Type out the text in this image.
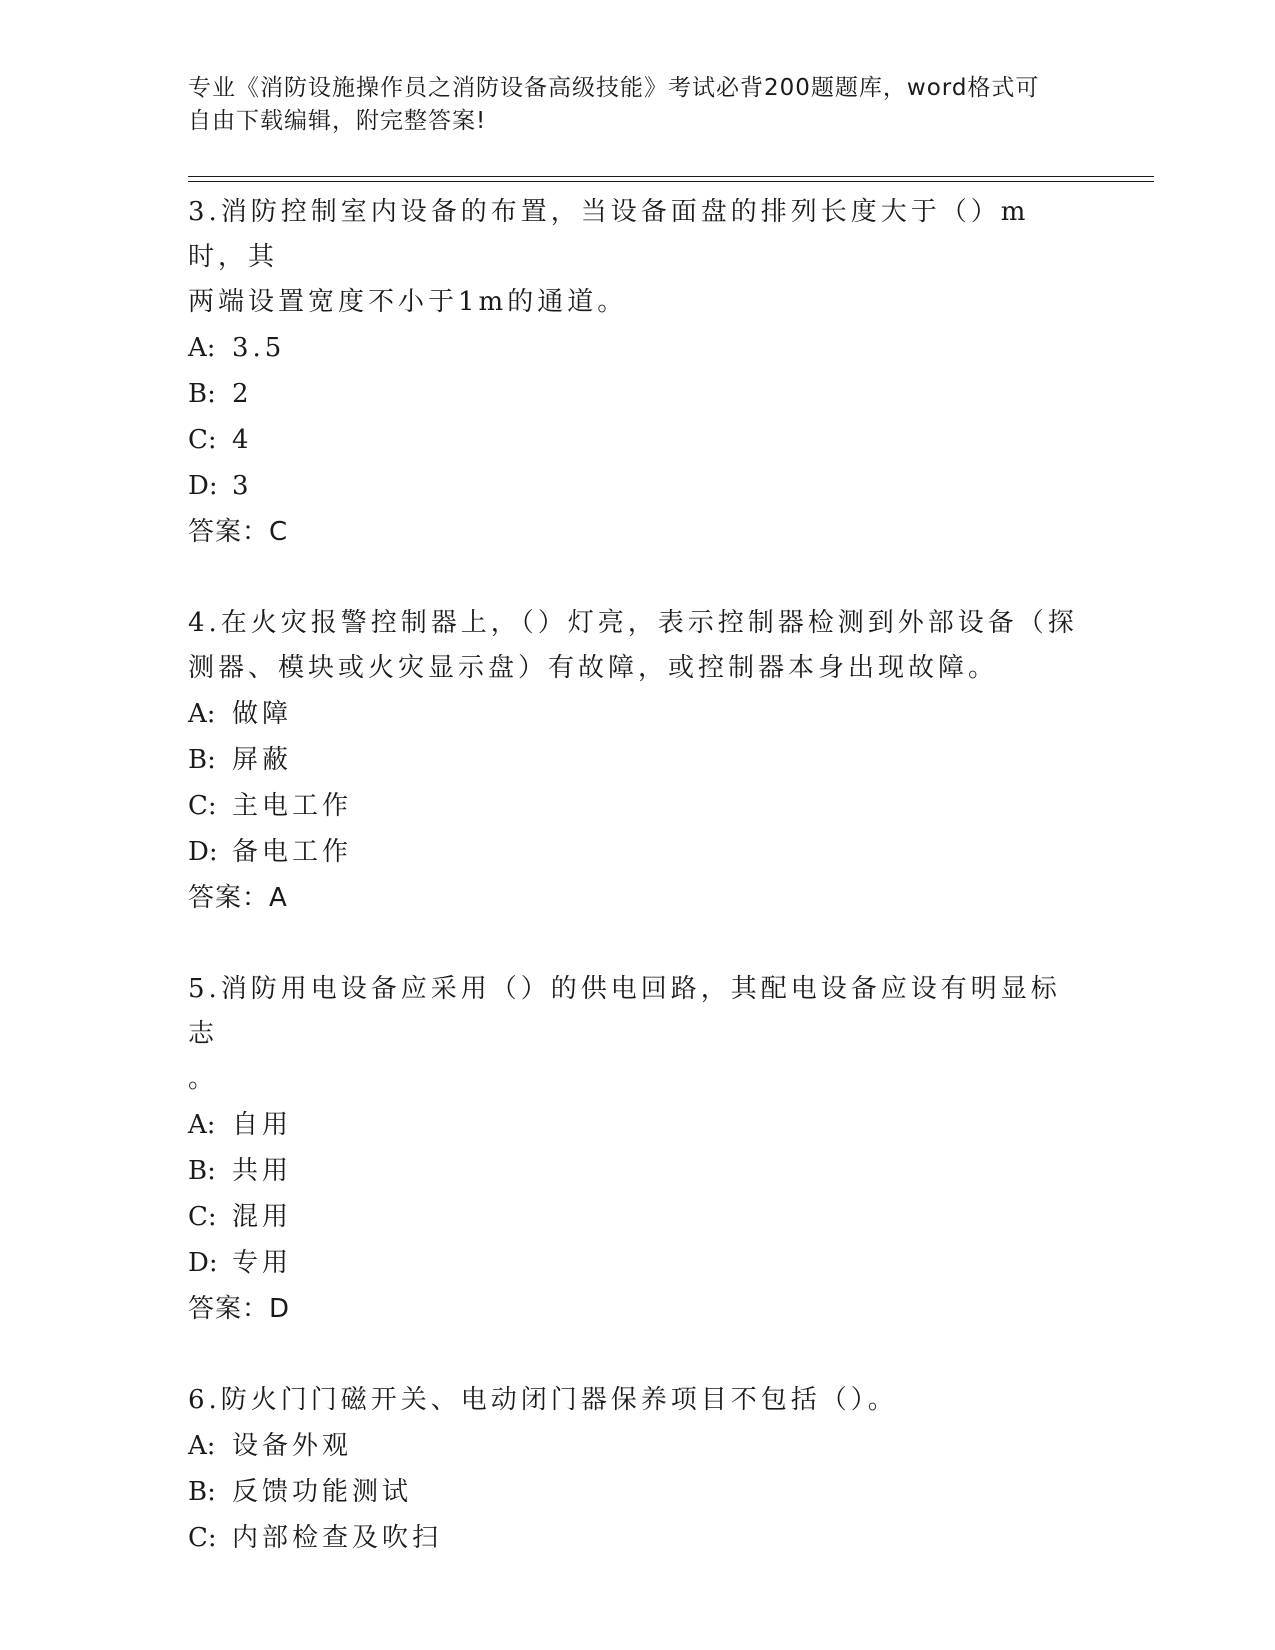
专业《消防设施操作员之消防设备高级技能》考试必背200题题库，word格式可
自由下载编辑，附完整答案!
3.消防控制室内设备的布置，当设备面盘的排列长度大于（）m时，其
两端设置宽度不小于1m的通道。
A: 3.5
B: 2
C: 4
D: 3
答案：C
4.在火灾报警控制器上，（）灯亮，表示控制器检测到外部设备（探
测器、模块或火灾显示盘）有故障，或控制器本身出现故障。
A: 做障
B: 屏蔽
C: 主电工作
D: 备电工作
答案：A
5.消防用电设备应采用（）的供电回路，其配电设备应设有明显标志
。
A: 自用
B: 共用
C: 混用
D: 专用
答案：D
6.防火门门磁开关、电动闭门器保养项目不包括（）。
A: 设备外观
B: 反馈功能测试
C: 内部检查及吹扫
